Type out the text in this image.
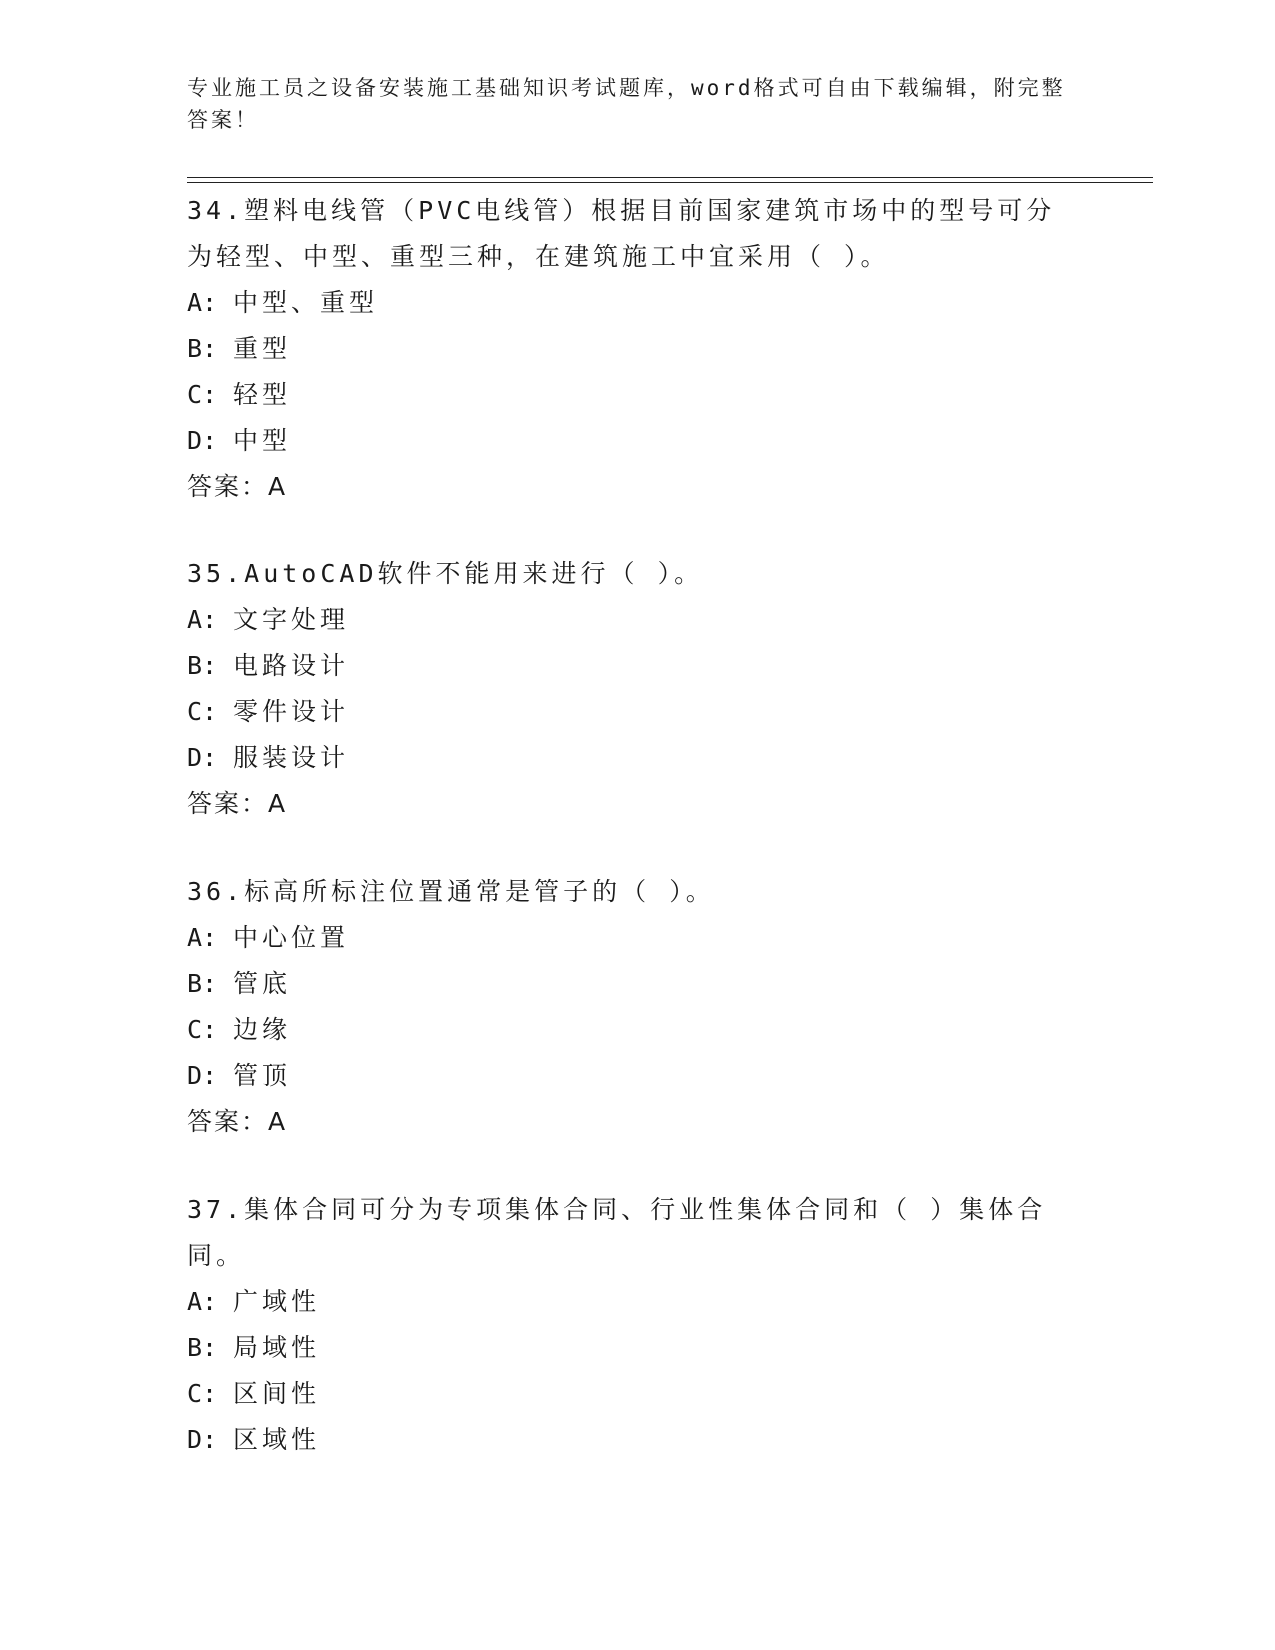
专业施工员之设备安装施工基础知识考试题库，word格式可自由下载编辑，附完整答案！
34.塑料电线管（PVC电线管）根据目前国家建筑市场中的型号可分为轻型、中型、重型三种，在建筑施工中宜采用（ ）。
A: 中型、重型
B: 重型
C: 轻型
D: 中型
答案：A
35.AutoCAD软件不能用来进行（ ）。
A: 文字处理
B: 电路设计
C: 零件设计
D: 服装设计
答案：A
36.标高所标注位置通常是管子的（ ）。
A: 中心位置
B: 管底
C: 边缘
D: 管顶
答案：A
37.集体合同可分为专项集体合同、行业性集体合同和（ ）集体合同。
A: 广域性
B: 局域性
C: 区间性
D: 区域性
